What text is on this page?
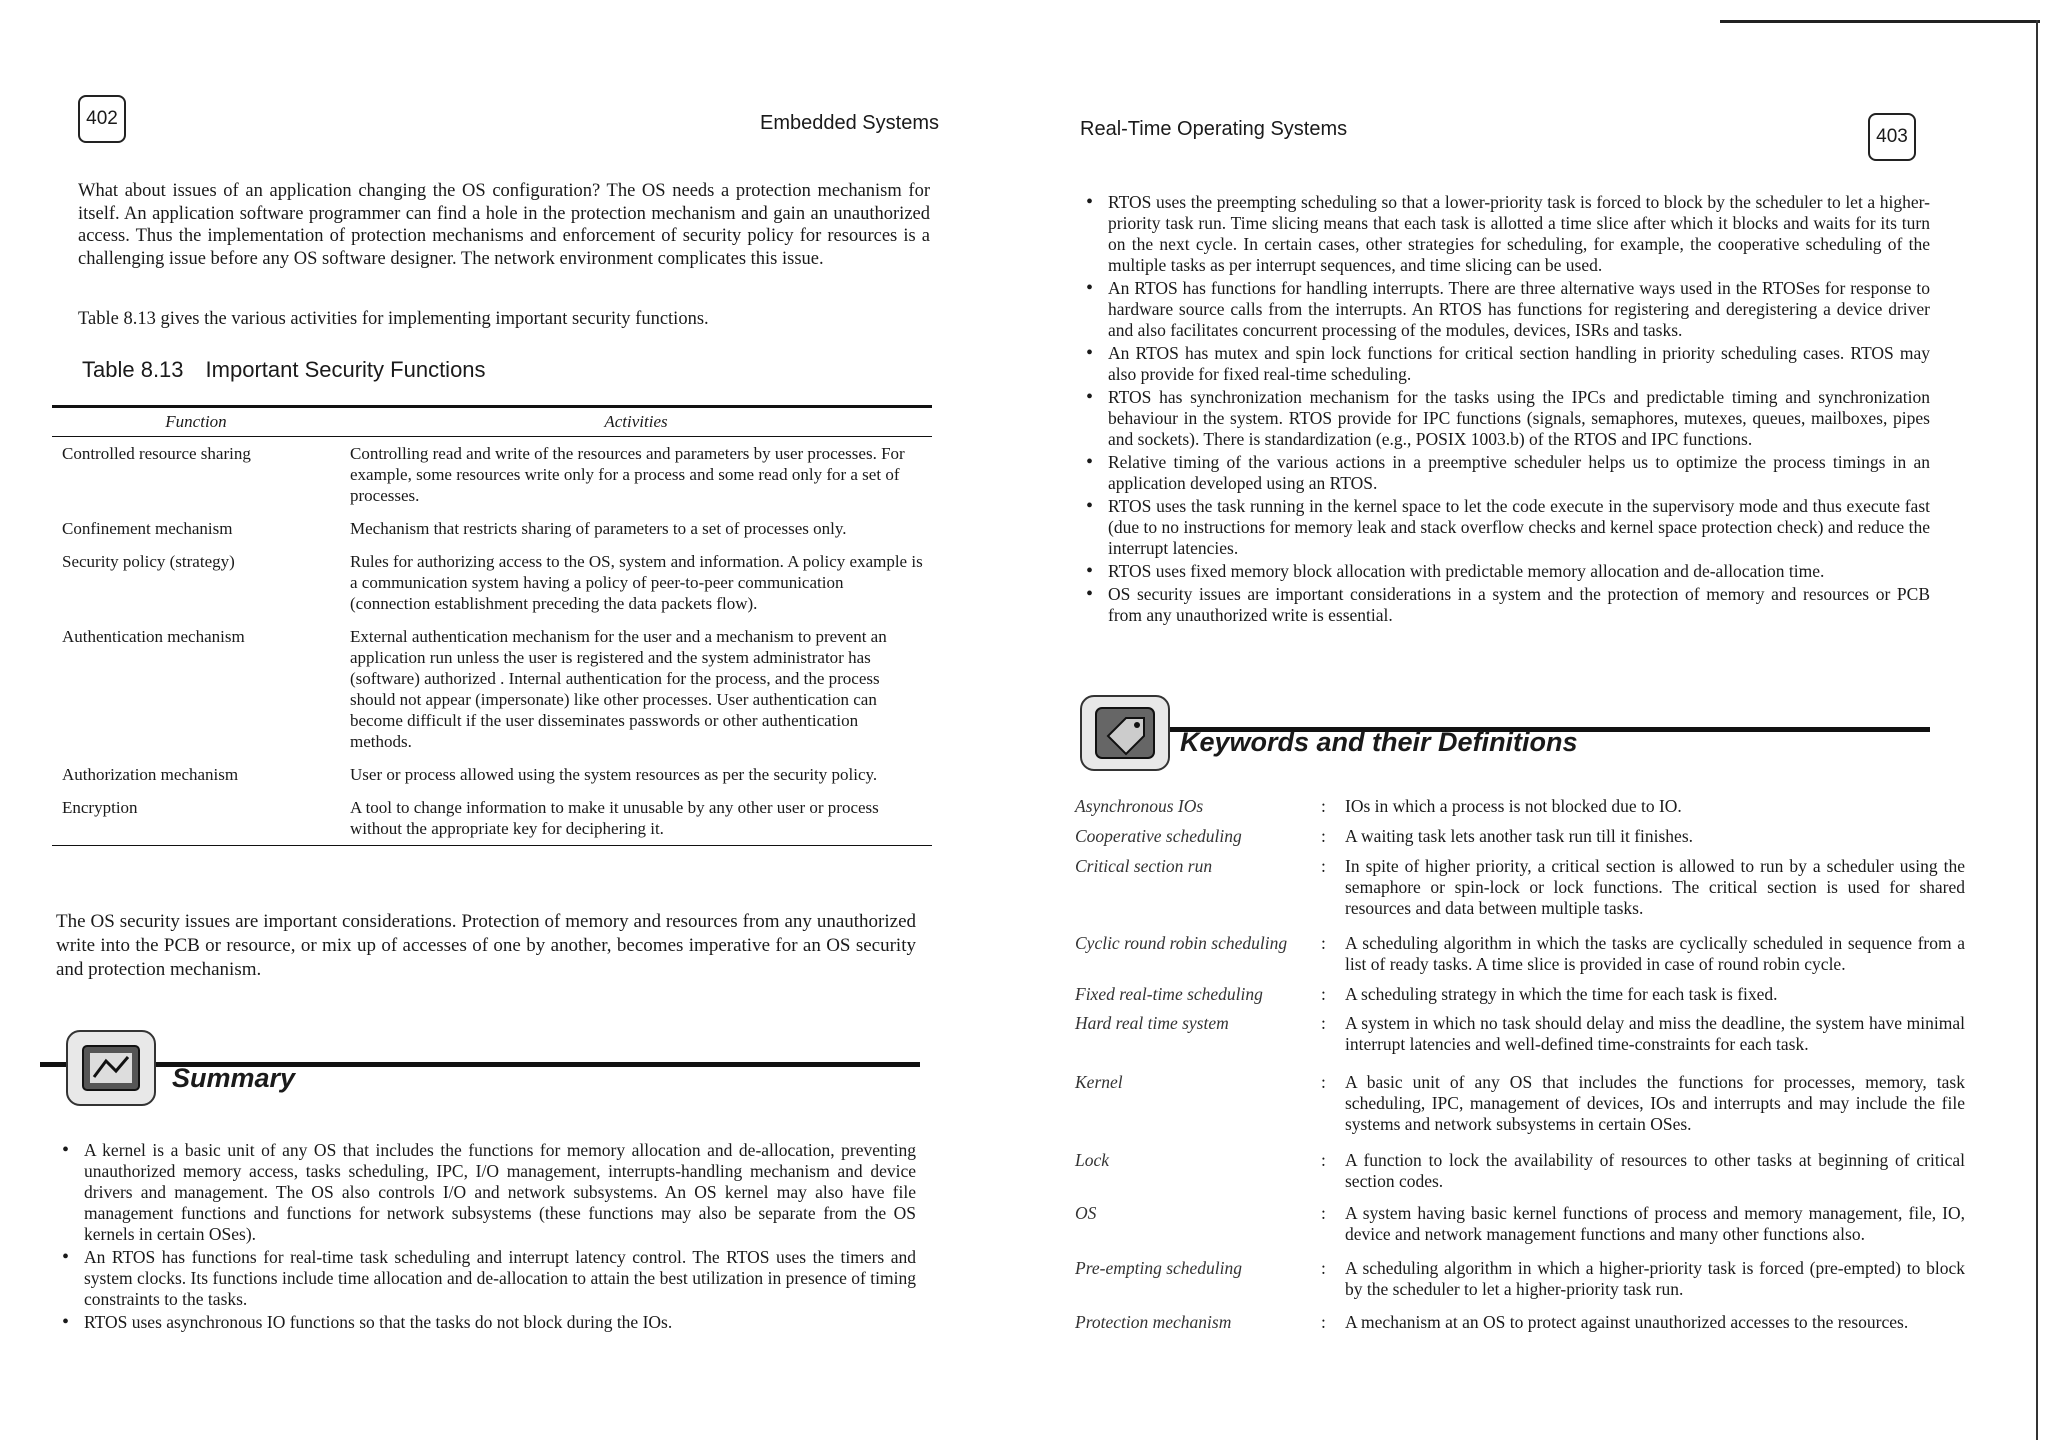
402	Embedded Systems

What about issues of an application changing the OS configuration? The OS needs a protection mechanism for itself. An application software programmer can find a hole in the protection mechanism and gain an unauthorized access. Thus the implementation of protection mechanisms and enforcement of security policy for resources is a challenging issue before any OS software designer. The network environment complicates this issue.

Table 8.13 gives the various activities for implementing important security functions.

Table 8.13 Important Security Functions
Function	Activities
Controlled resource sharing	Controlling read and write of the resources and parameters by user processes. For example, some resources write only for a process and some read only for a set of processes.
Confinement mechanism	Mechanism that restricts sharing of parameters to a set of processes only.
Security policy (strategy)	Rules for authorizing access to the OS, system and information. A policy example is a communication system having a policy of peer-to-peer communication (connection establishment preceding the data packets flow).
Authentication mechanism	External authentication mechanism for the user and a mechanism to prevent an application run unless the user is registered and the system administrator has (software) authorized . Internal authentication for the process, and the process should not appear (impersonate) like other processes. User authentication can become difficult if the user disseminates passwords or other authentication methods.
Authorization mechanism	User or process allowed using the system resources as per the security policy.
Encryption	A tool to change information to make it unusable by any other user or process without the appropriate key for deciphering it.

The OS security issues are important considerations. Protection of memory and resources from any unauthorized write into the PCB or resource, or mix up of accesses of one by another, becomes imperative for an OS security and protection mechanism.

Summary
• A kernel is a basic unit of any OS that includes the functions for memory allocation and de-allocation, preventing unauthorized memory access, tasks scheduling, IPC, I/O management, interrupts-handling mechanism and device drivers and management. The OS also controls I/O and network subsystems. An OS kernel may also have file management functions and functions for network subsystems (these functions may also be separate from the OS kernels in certain OSes).
• An RTOS has functions for real-time task scheduling and interrupt latency control. The RTOS uses the timers and system clocks. Its functions include time allocation and de-allocation to attain the best utilization in presence of timing constraints to the tasks.
• RTOS uses asynchronous IO functions so that the tasks do not block during the IOs.
Real-Time Operating Systems	403
• RTOS uses the preempting scheduling so that a lower-priority task is forced to block by the scheduler to let a higher-priority task run. Time slicing means that each task is allotted a time slice after which it blocks and waits for its turn on the next cycle. In certain cases, other strategies for scheduling, for example, the cooperative scheduling of the multiple tasks as per interrupt sequences, and time slicing can be used.
• An RTOS has functions for handling interrupts. There are three alternative ways used in the RTOSes for response to hardware source calls from the interrupts. An RTOS has functions for registering and deregistering a device driver and also facilitates concurrent processing of the modules, devices, ISRs and tasks.
• An RTOS has mutex and spin lock functions for critical section handling in priority scheduling cases. RTOS may also provide for fixed real-time scheduling.
• RTOS has synchronization mechanism for the tasks using the IPCs and predictable timing and synchronization behaviour in the system. RTOS provide for IPC functions (signals, semaphores, mutexes, queues, mailboxes, pipes and sockets). There is standardization (e.g., POSIX 1003.b) of the RTOS and IPC functions.
• Relative timing of the various actions in a preemptive scheduler helps us to optimize the process timings in an application developed using an RTOS.
• RTOS uses the task running in the kernel space to let the code execute in the supervisory mode and thus execute fast (due to no instructions for memory leak and stack overflow checks and kernel space protection check) and reduce the interrupt latencies.
• RTOS uses fixed memory block allocation with predictable memory allocation and de-allocation time.
• OS security issues are important considerations in a system and the protection of memory and resources or PCB from any unauthorized write is essential.
Keywords and their Definitions
Asynchronous IOs	: IOs in which a process is not blocked due to IO.
Cooperative scheduling	: A waiting task lets another task run till it finishes.
Critical section run	: In spite of higher priority, a critical section is allowed to run by a scheduler using the semaphore or spin-lock or lock functions. The critical section is used for shared resources and data between multiple tasks.
Cyclic round robin scheduling	: A scheduling algorithm in which the tasks are cyclically scheduled in sequence from a list of ready tasks. A time slice is provided in case of round robin cycle.
Fixed real-time scheduling	: A scheduling strategy in which the time for each task is fixed.
Hard real time system	: A system in which no task should delay and miss the deadline, the system have minimal interrupt latencies and well-defined time-constraints for each task.
Kernel	: A basic unit of any OS that includes the functions for processes, memory, task scheduling, IPC, management of devices, IOs and interrupts and may include the file systems and network subsystems in certain OSes.
Lock	: A function to lock the availability of resources to other tasks at beginning of critical section codes.
OS	: A system having basic kernel functions of process and memory management, file, IO, device and network management functions and many other functions also.
Pre-empting scheduling	: A scheduling algorithm in which a higher-priority task is forced (pre-empted) to block by the scheduler to let a higher-priority task run.
Protection mechanism	: A mechanism at an OS to protect against unauthorized accesses to the resources.
